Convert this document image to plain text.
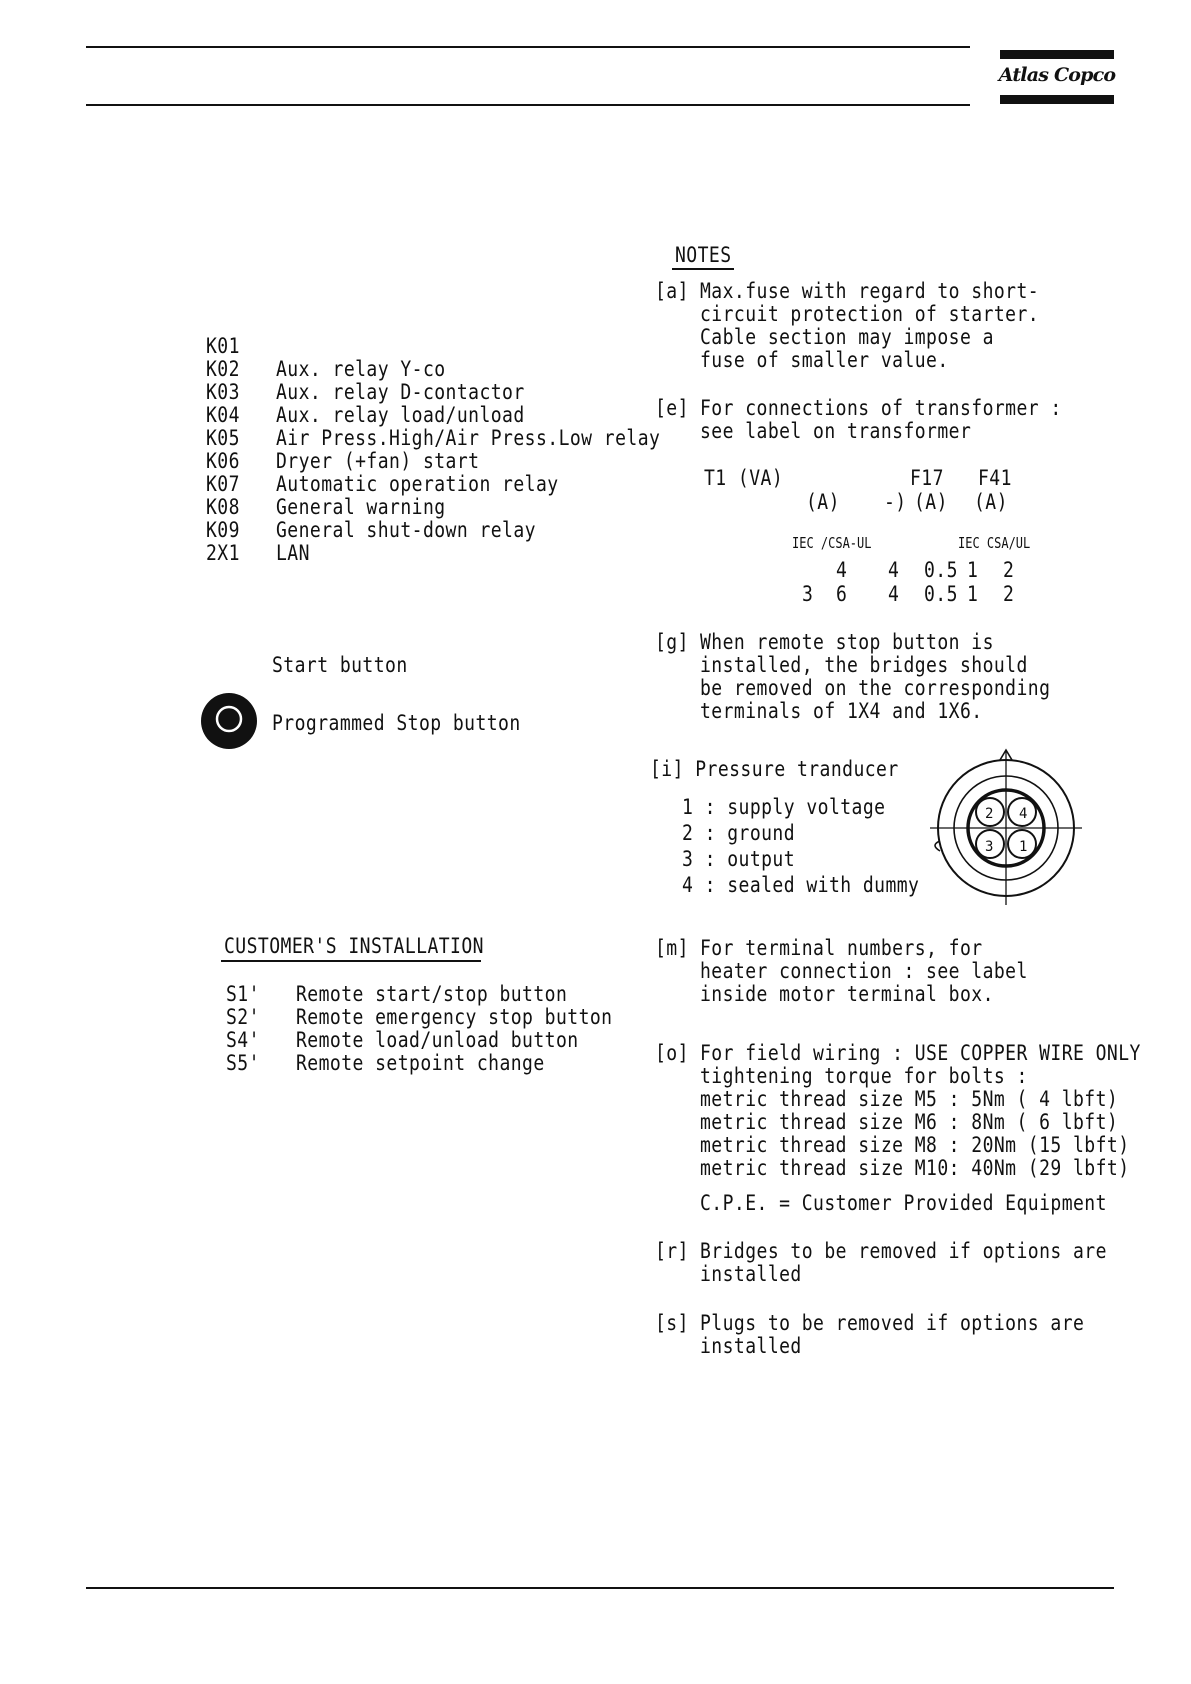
Atlas Copco
K01
K02 Aux. relay Y-co
K03 Aux. relay D-contactor
K04 Aux. relay load/unload
K05 Air Press.High/Air Press.Low relay
K06 Dryer (+fan) start
K07 Automatic operation relay
K08 General warning
K09 General shut-down relay
2X1 LAN
Start button
Programmed Stop button
CUSTOMER'S INSTALLATION
S1' Remote start/stop button
S2' Remote emergency stop button
S4' Remote load/unload button
S5' Remote setpoint change
NOTES
[a] Max.fuse with regard to short-
circuit protection of starter.
Cable section may impose a
fuse of smaller value.
[e] For connections of transformer :
see label on transformer
T1 (VA)	F17 F41
(A) -) (A) (A)
IEC /CSA-UL	IEC CSA/UL
4 4 0.5 1 2
3 6 4 0.5 1 2
[g] When remote stop button is
installed, the bridges should
be removed on the corresponding
terminals of 1X4 and 1X6.
[i] Pressure tranducer
1 : supply voltage
2 : ground
3 : output
4 : sealed with dummy
2 4
3 1
[m] For terminal numbers, for
heater connection : see label
inside motor terminal box.
[o] For field wiring : USE COPPER WIRE ONLY
tightening torque for bolts :
metric thread size M5 : 5Nm ( 4 lbft)
metric thread size M6 : 8Nm ( 6 lbft)
metric thread size M8 : 20Nm (15 lbft)
metric thread size M10: 40Nm (29 lbft)
C.P.E. = Customer Provided Equipment
[r] Bridges to be removed if options are
installed
[s] Plugs to be removed if options are
installed
